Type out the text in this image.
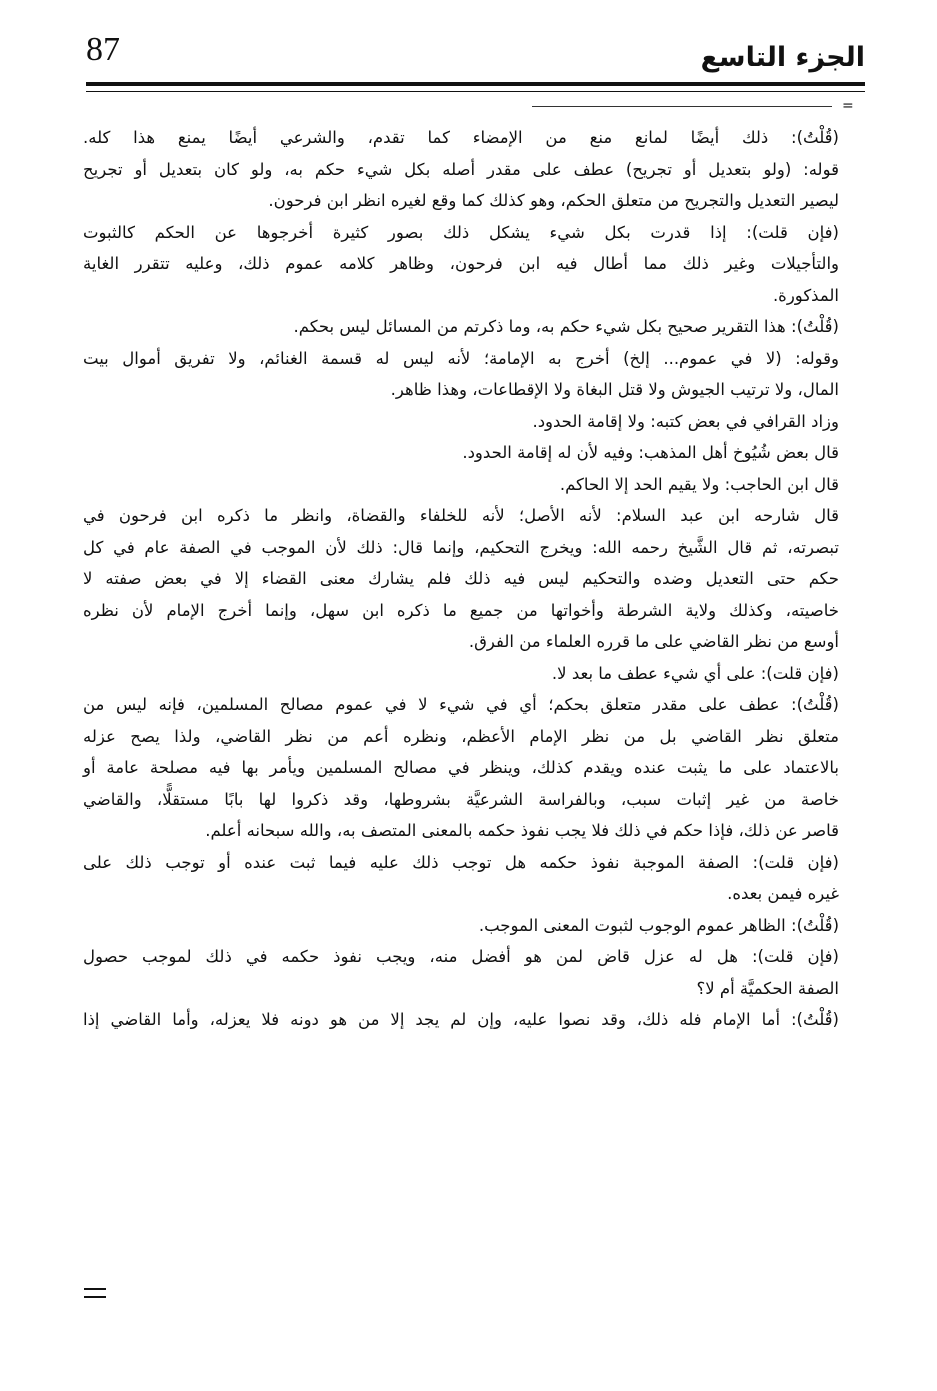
87	الجزء التاسع
=
(قُلْتُ): ذلك أيضًا لمانع منع من الإمضاء كما تقدم، والشرعي أيضًا يمنع هذا كله.
قوله: (ولو بتعديل أو تجريح) عطف على مقدر أصله بكل شيء حكم به، ولو كان بتعديل أو تجريح
ليصير التعديل والتجريح من متعلق الحكم، وهو كذلك كما وقع لغيره انظر ابن فرحون.
(فإن قلت): إذا قدرت بكل شيء يشكل ذلك بصور كثيرة أخرجوها عن الحكم كالثبوت
والتأجيلات وغير ذلك مما أطال فيه ابن فرحون، وظاهر كلامه عموم ذلك، وعليه تتقرر الغاية
المذكورة.
(قُلْتُ): هذا التقرير صحيح بكل شيء حكم به، وما ذكرتم من المسائل ليس بحكم.
وقوله: (لا في عموم... إلخ) أخرج به الإمامة؛ لأنه ليس له قسمة الغنائم، ولا تفريق أموال بيت
المال، ولا ترتيب الجيوش ولا قتل البغاة ولا الإقطاعات، وهذا ظاهر.
وزاد القرافي في بعض كتبه: ولا إقامة الحدود.
قال بعض شُيُوخ أهل المذهب: وفيه لأن له إقامة الحدود.
قال ابن الحاجب: ولا يقيم الحد إلا الحاكم.
قال شارحه ابن عبد السلام: لأنه الأصل؛ لأنه للخلفاء والقضاة، وانظر ما ذكره ابن فرحون في
تبصرته، ثم قال الشَّيخ رحمه الله: ويخرج التحكيم، وإنما قال: ذلك لأن الموجب في الصفة عام في كل
حكم حتى التعديل وضده والتحكيم ليس فيه ذلك فلم يشارك معنى القضاء إلا في بعض صفته لا
خاصيته، وكذلك ولاية الشرطة وأخواتها من جميع ما ذكره ابن سهل، وإنما أخرج الإمام لأن نظره
أوسع من نظر القاضي على ما قرره العلماء من الفرق.
(فإن قلت): على أي شيء عطف ما بعد لا.
(قُلْتُ): عطف على مقدر متعلق بحكم؛ أي في شيء لا في عموم مصالح المسلمين، فإنه ليس من
متعلق نظر القاضي بل من نظر الإمام الأعظم، ونظره أعم من نظر القاضي، ولذا يصح عزله
بالاعتماد على ما يثبت عنده ويقدم كذلك، وينظر في مصالح المسلمين ويأمر بها فيه مصلحة عامة أو
خاصة من غير إثبات سبب، وبالفراسة الشرعيَّة بشروطها، وقد ذكروا لها بابًا مستقلًّا، والقاضي
قاصر عن ذلك، فإذا حكم في ذلك فلا يجب نفوذ حكمه بالمعنى المتصف به، والله سبحانه أعلم.
(فإن قلت): الصفة الموجبة نفوذ حكمه هل توجب ذلك عليه فيما ثبت عنده أو توجب ذلك على
غيره فيمن بعده.
(قُلْتُ): الظاهر عموم الوجوب لثبوت المعنى الموجب.
(فإن قلت): هل له عزل قاض لمن هو أفضل منه، ويجب نفوذ حكمه في ذلك لموجب حصول
الصفة الحكميَّة أم لا؟
(قُلْتُ): أما الإمام فله ذلك، وقد نصوا عليه، وإن لم يجد إلا من هو دونه فلا يعزله، وأما القاضي إذا
